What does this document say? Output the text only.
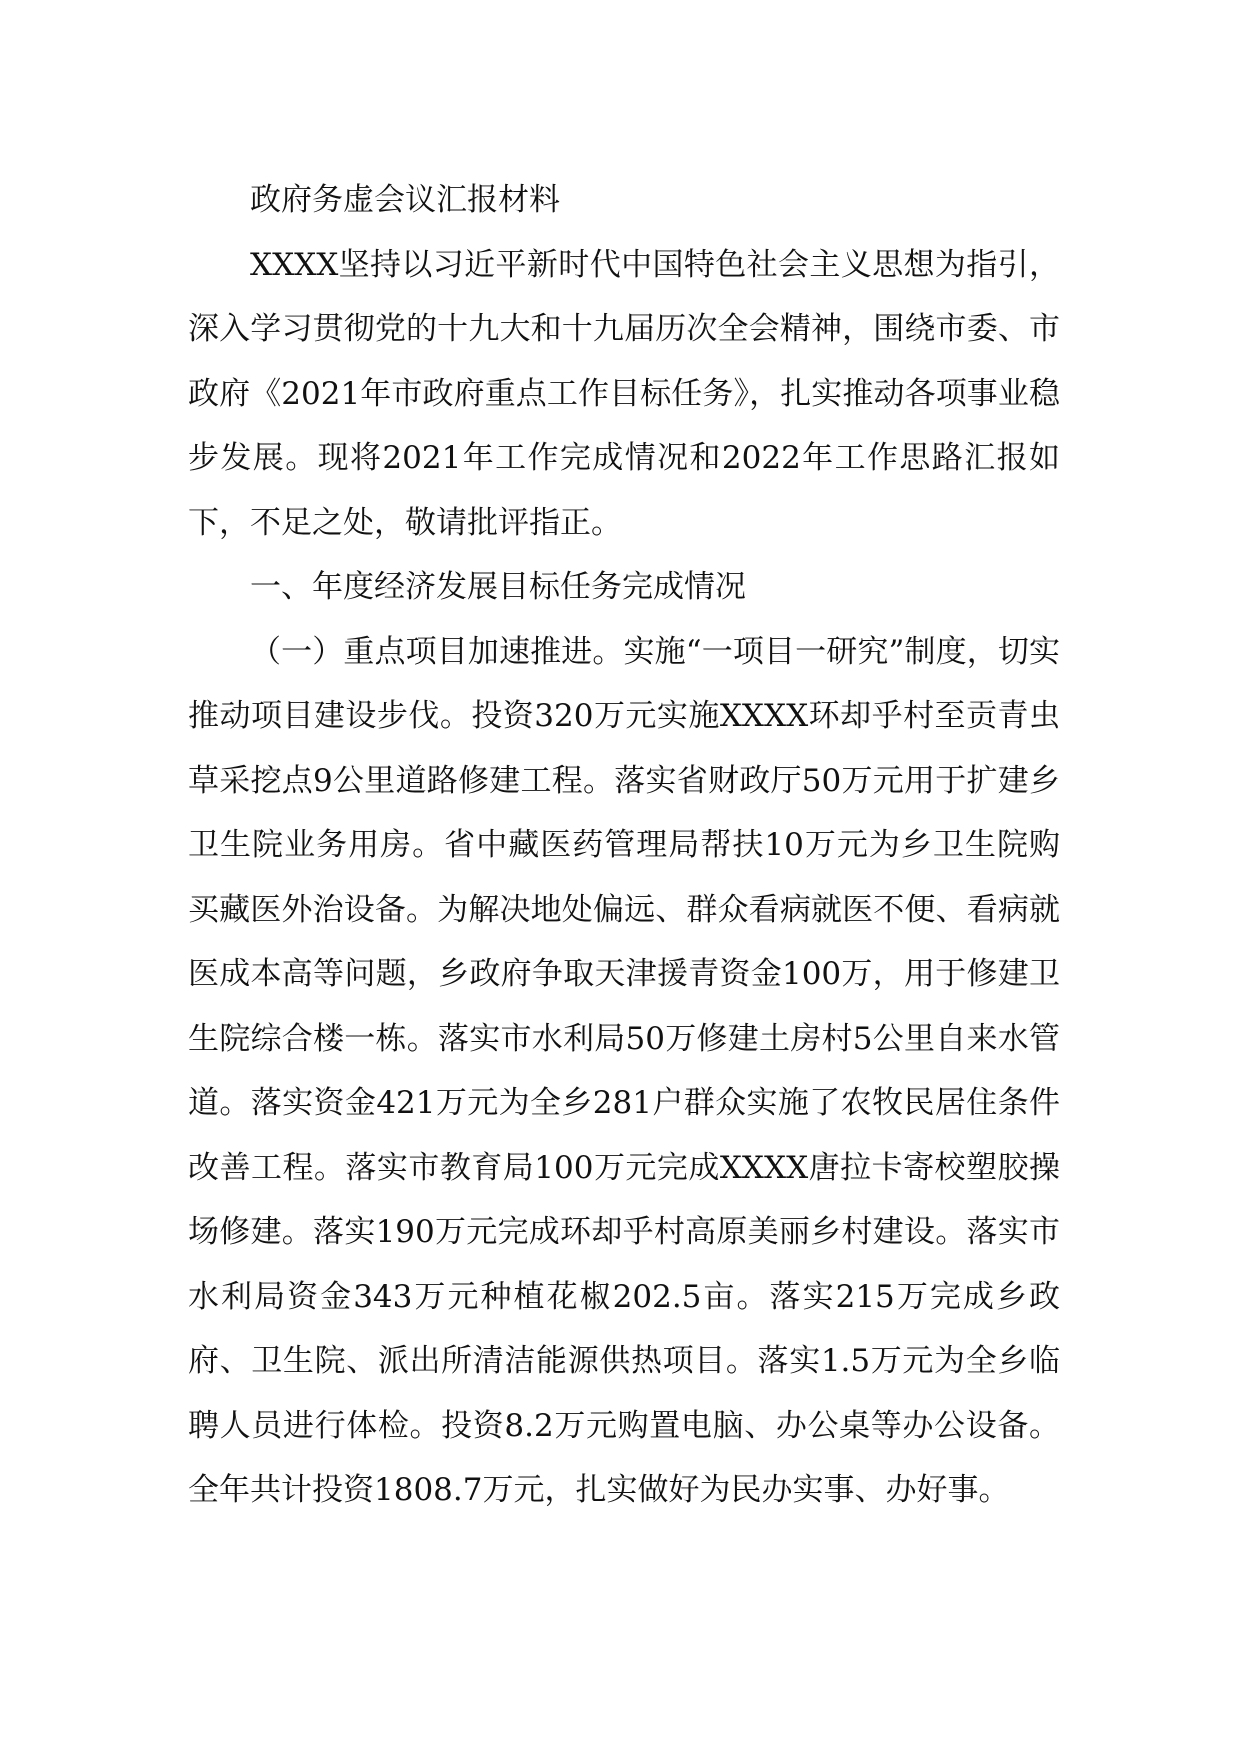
政府务虚会议汇报材料

XXXX坚持以习近平新时代中国特色社会主义思想为指引，深入学习贯彻党的十九大和十九届历次全会精神，围绕市委、市政府《2021年市政府重点工作目标任务》，扎实推动各项事业稳步发展。现将2021年工作完成情况和2022年工作思路汇报如下，不足之处，敬请批评指正。

一、年度经济发展目标任务完成情况

（一）重点项目加速推进。实施“一项目一研究”制度，切实推动项目建设步伐。投资320万元实施XXXX环却乎村至贡青虫草采挖点9公里道路修建工程。落实省财政厅50万元用于扩建乡卫生院业务用房。省中藏医药管理局帮扶10万元为乡卫生院购买藏医外治设备。为解决地处偏远、群众看病就医不便、看病就医成本高等问题，乡政府争取天津援青资金100万，用于修建卫生院综合楼一栋。落实市水利局50万修建土房村5公里自来水管道。落实资金421万元为全乡281户群众实施了农牧民居住条件改善工程。落实市教育局100万元完成XXXX唐拉卡寄校塑胶操场修建。落实190万元完成环却乎村高原美丽乡村建设。落实市水利局资金343万元种植花椒202.5亩。落实215万完成乡政府、卫生院、派出所清洁能源供热项目。落实1.5万元为全乡临聘人员进行体检。投资8.2万元购置电脑、办公桌等办公设备。全年共计投资1808.7万元，扎实做好为民办实事、办好事。
